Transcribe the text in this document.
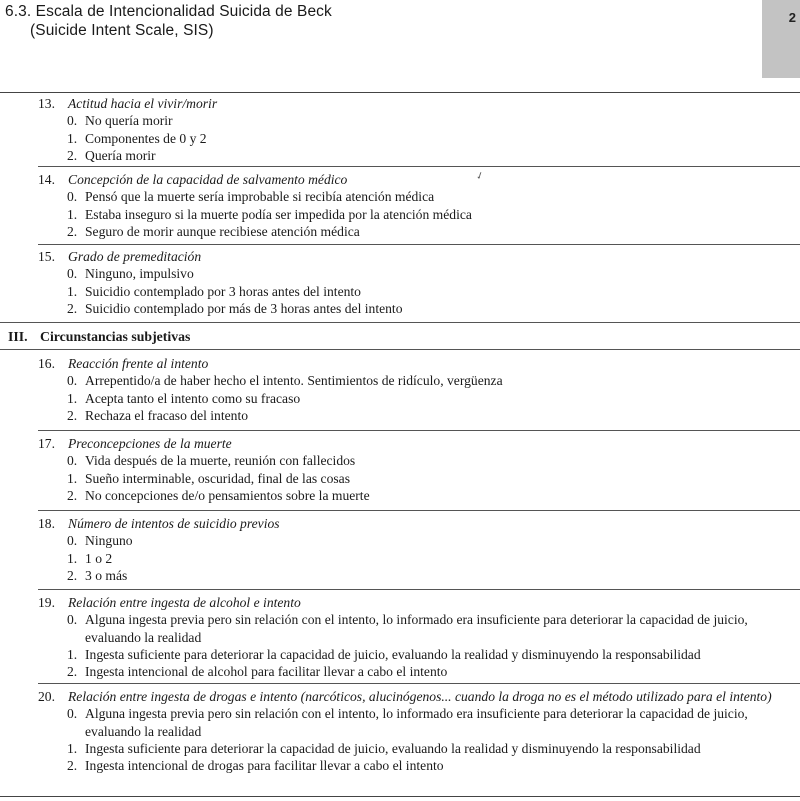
6.3. Escala de Intencionalidad Suicida de Beck
(Suicide Intent Scale, SIS)
2
13. Actitud hacia el vivir/morir
0. No quería morir
1. Componentes de 0 y 2
2. Quería morir
✓
14. Concepción de la capacidad de salvamento médico
0. Pensó que la muerte sería improbable si recibía atención médica
1. Estaba inseguro si la muerte podía ser impedida por la atención médica
2. Seguro de morir aunque recibiese atención médica
15. Grado de premeditación
0. Ninguno, impulsivo
1. Suicidio contemplado por 3 horas antes del intento
2. Suicidio contemplado por más de 3 horas antes del intento
III. Circunstancias subjetivas
16. Reacción frente al intento
0. Arrepentido/a de haber hecho el intento. Sentimientos de ridículo, vergüenza
1. Acepta tanto el intento como su fracaso
2. Rechaza el fracaso del intento
17. Preconcepciones de la muerte
0. Vida después de la muerte, reunión con fallecidos
1. Sueño interminable, oscuridad, final de las cosas
2. No concepciones de/o pensamientos sobre la muerte
18. Número de intentos de suicidio previos
0. Ninguno
1. 1 o 2
2. 3 o más
19. Relación entre ingesta de alcohol e intento
0. Alguna ingesta previa pero sin relación con el intento, lo informado era insuficiente para deteriorar la capacidad de juicio, evaluando la realidad
1. Ingesta suficiente para deteriorar la capacidad de juicio, evaluando la realidad y disminuyendo la responsabilidad
2. Ingesta intencional de alcohol para facilitar llevar a cabo el intento
20. Relación entre ingesta de drogas e intento (narcóticos, alucinógenos... cuando la droga no es el método utilizado para el intento)
0. Alguna ingesta previa pero sin relación con el intento, lo informado era insuficiente para deteriorar la capacidad de juicio, evaluando la realidad
1. Ingesta suficiente para deteriorar la capacidad de juicio, evaluando la realidad y disminuyendo la responsabilidad
2. Ingesta intencional de drogas para facilitar llevar a cabo el intento
